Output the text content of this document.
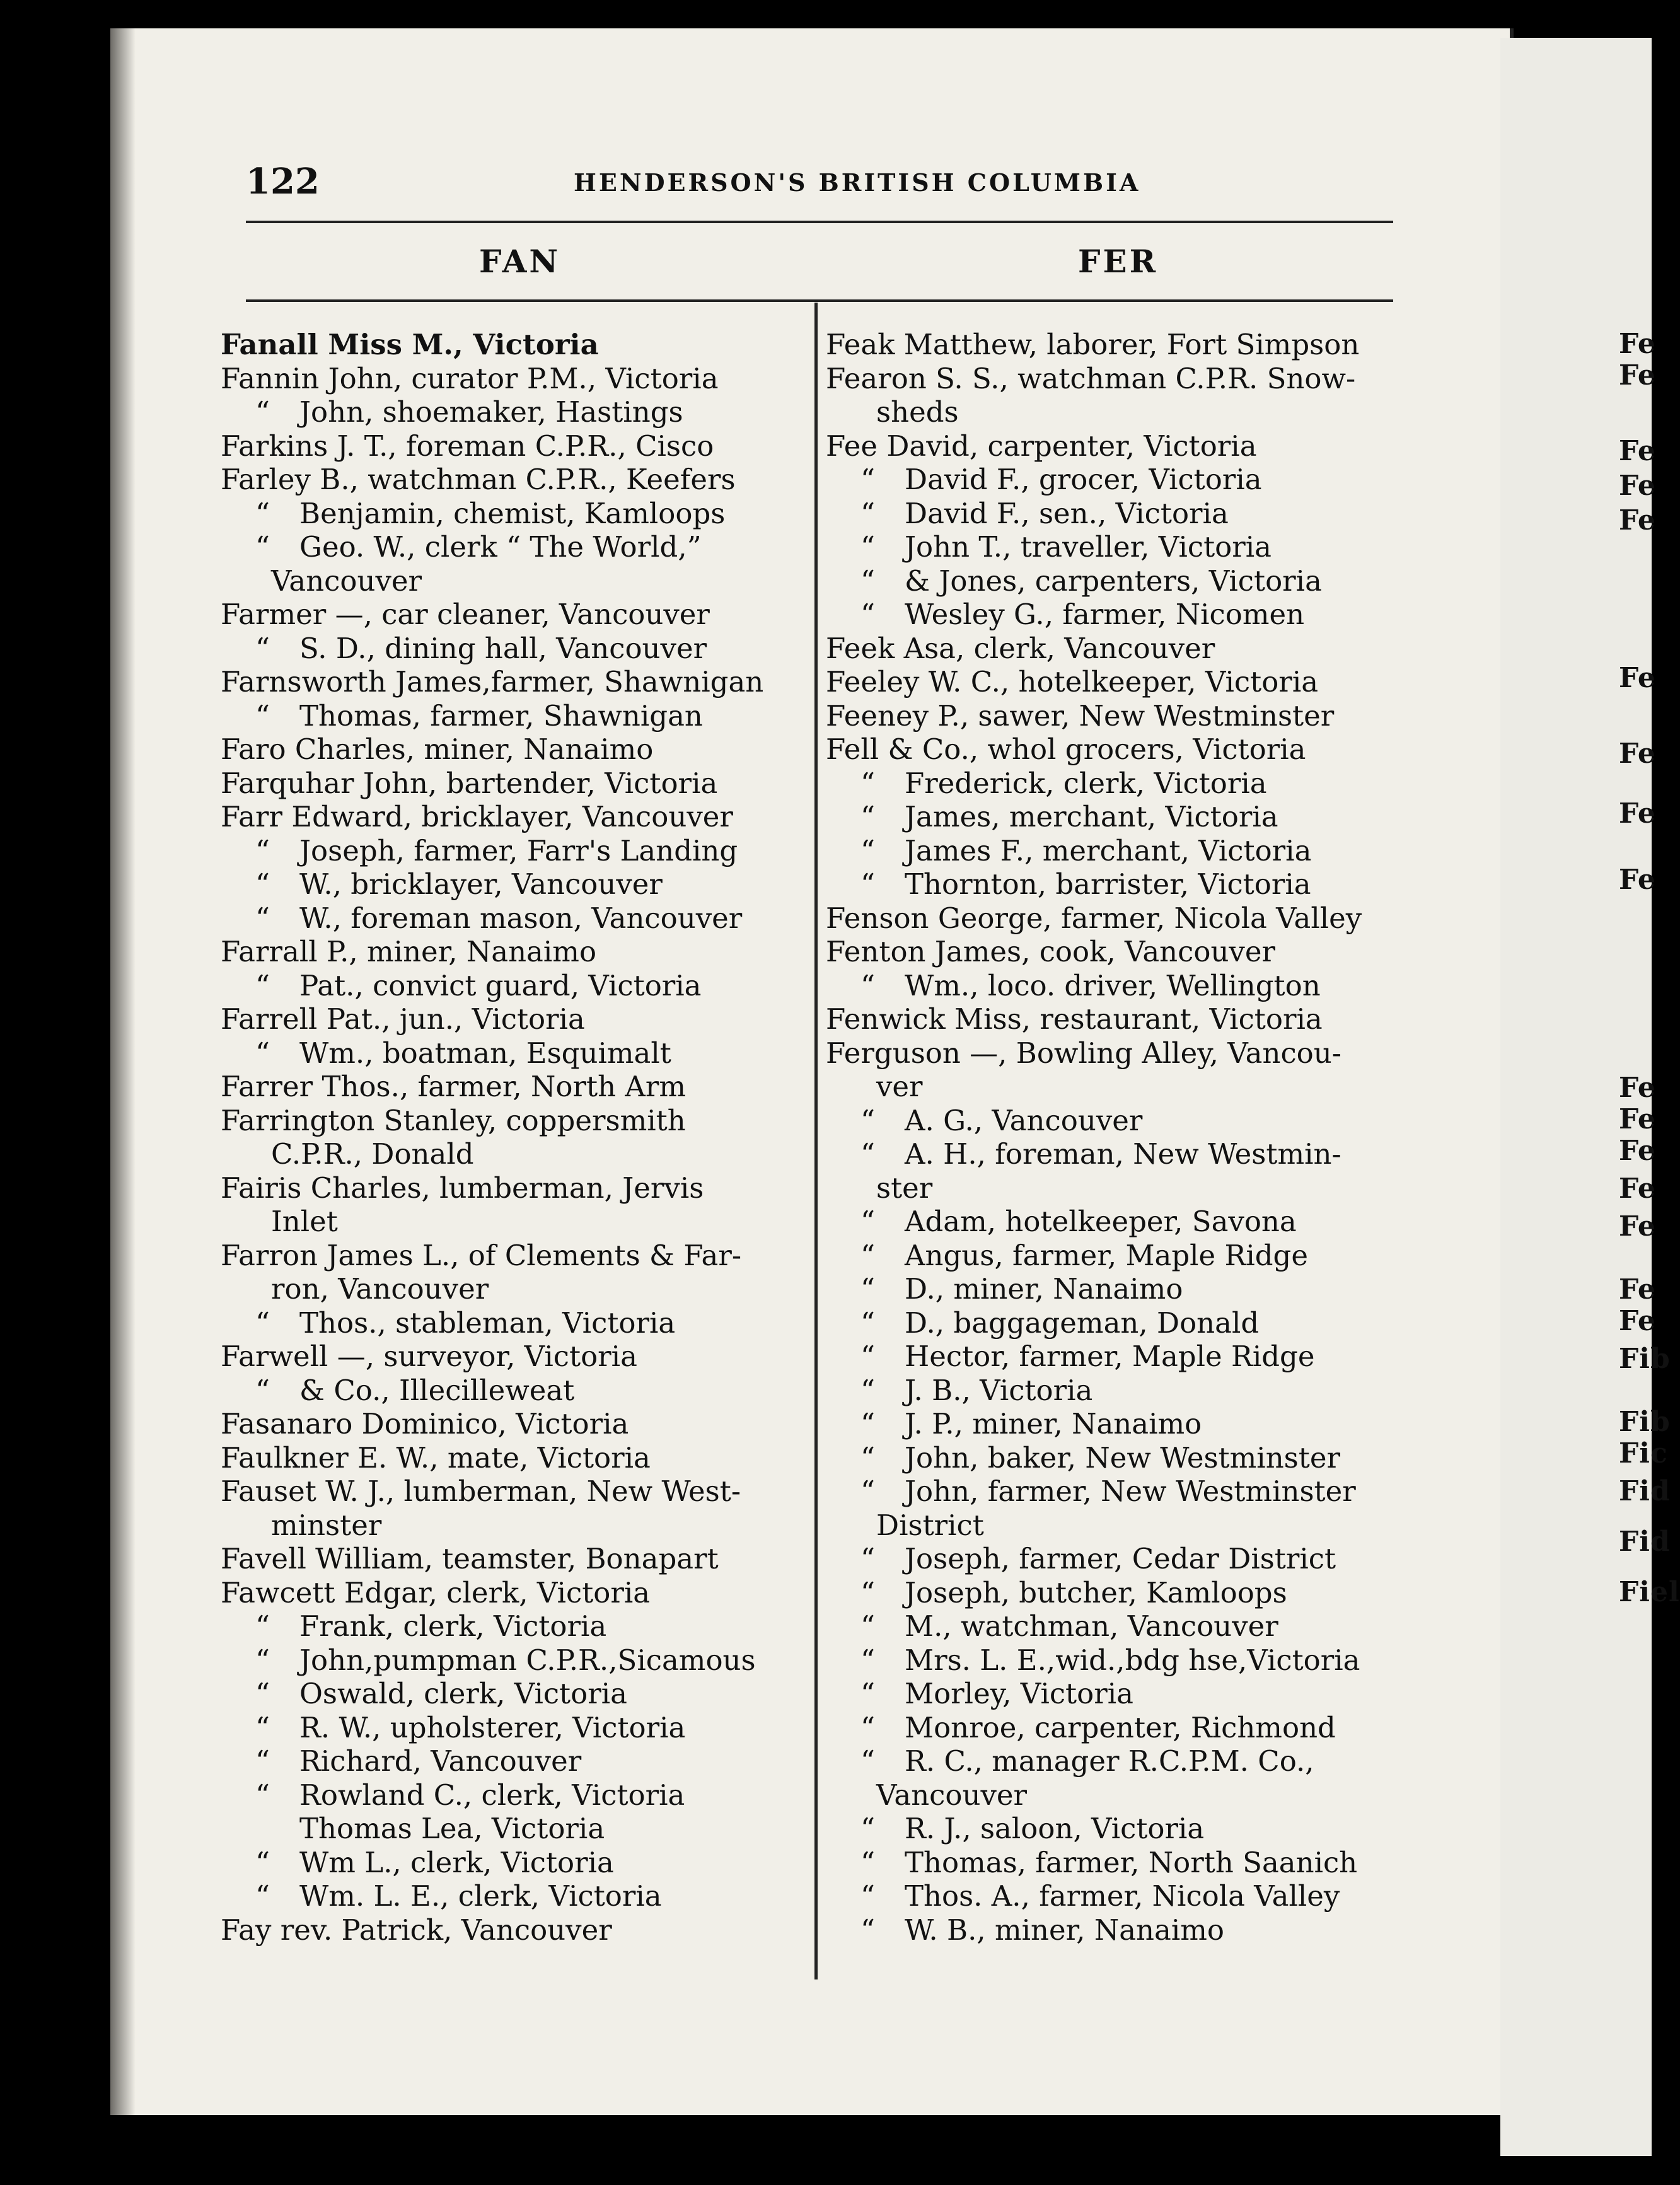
Fe
Fe
Fe
Fe
Fe
Fe
Fe
Fe
Fe
Fe
Fe
Fe
Fe
Fe
Fe
Fe
Fib
Fib
Fic
Fid
Fid
Fiel
122	HENDERSON'S BRITISH COLUMBIA
FAN	FER
Fanall Miss M., Victoria
Fannin John, curator P.M., Victoria
“ John, shoemaker, Hastings
Farkins J. T., foreman C.P.R., Cisco
Farley B., watchman C.P.R., Keefers
“ Benjamin, chemist, Kamloops
“ Geo. W., clerk “ The World,”
Vancouver
Farmer —, car cleaner, Vancouver
“ S. D., dining hall, Vancouver
Farnsworth James,farmer, Shawnigan
“ Thomas, farmer, Shawnigan
Faro Charles, miner, Nanaimo
Farquhar John, bartender, Victoria
Farr Edward, bricklayer, Vancouver
“ Joseph, farmer, Farr's Landing
“ W., bricklayer, Vancouver
“ W., foreman mason, Vancouver
Farrall P., miner, Nanaimo
“ Pat., convict guard, Victoria
Farrell Pat., jun., Victoria
“ Wm., boatman, Esquimalt
Farrer Thos., farmer, North Arm
Farrington Stanley, coppersmith
C.P.R., Donald
Fairis Charles, lumberman, Jervis
Inlet
Farron James L., of Clements & Far-
ron, Vancouver
“ Thos., stableman, Victoria
Farwell —, surveyor, Victoria
“ & Co., Illecilleweat
Fasanaro Dominico, Victoria
Faulkner E. W., mate, Victoria
Fauset W. J., lumberman, New West-
minster
Favell William, teamster, Bonapart
Fawcett Edgar, clerk, Victoria
“ Frank, clerk, Victoria
“ John,pumpman C.P.R.,Sicamous
“ Oswald, clerk, Victoria
“ R. W., upholsterer, Victoria
“ Richard, Vancouver
“ Rowland C., clerk, Victoria
Thomas Lea, Victoria
“ Wm L., clerk, Victoria
“ Wm. L. E., clerk, Victoria
Fay rev. Patrick, Vancouver
Feak Matthew, laborer, Fort Simpson
Fearon S. S., watchman C.P.R. Snow-
sheds
Fee David, carpenter, Victoria
“ David F., grocer, Victoria
“ David F., sen., Victoria
“ John T., traveller, Victoria
“ & Jones, carpenters, Victoria
“ Wesley G., farmer, Nicomen
Feek Asa, clerk, Vancouver
Feeley W. C., hotelkeeper, Victoria
Feeney P., sawer, New Westminster
Fell & Co., whol grocers, Victoria
“ Frederick, clerk, Victoria
“ James, merchant, Victoria
“ James F., merchant, Victoria
“ Thornton, barrister, Victoria
Fenson George, farmer, Nicola Valley
Fenton James, cook, Vancouver
“ Wm., loco. driver, Wellington
Fenwick Miss, restaurant, Victoria
Ferguson —, Bowling Alley, Vancou-
ver
“ A. G., Vancouver
“ A. H., foreman, New Westmin-
ster
“ Adam, hotelkeeper, Savona
“ Angus, farmer, Maple Ridge
“ D., miner, Nanaimo
“ D., baggageman, Donald
“ Hector, farmer, Maple Ridge
“ J. B., Victoria
“ J. P., miner, Nanaimo
“ John, baker, New Westminster
“ John, farmer, New Westminster
District
“ Joseph, farmer, Cedar District
“ Joseph, butcher, Kamloops
“ M., watchman, Vancouver
“ Mrs. L. E.,wid.,bdg hse,Victoria
“ Morley, Victoria
“ Monroe, carpenter, Richmond
“ R. C., manager R.C.P.M. Co.,
Vancouver
“ R. J., saloon, Victoria
“ Thomas, farmer, North Saanich
“ Thos. A., farmer, Nicola Valley
“ W. B., miner, Nanaimo
